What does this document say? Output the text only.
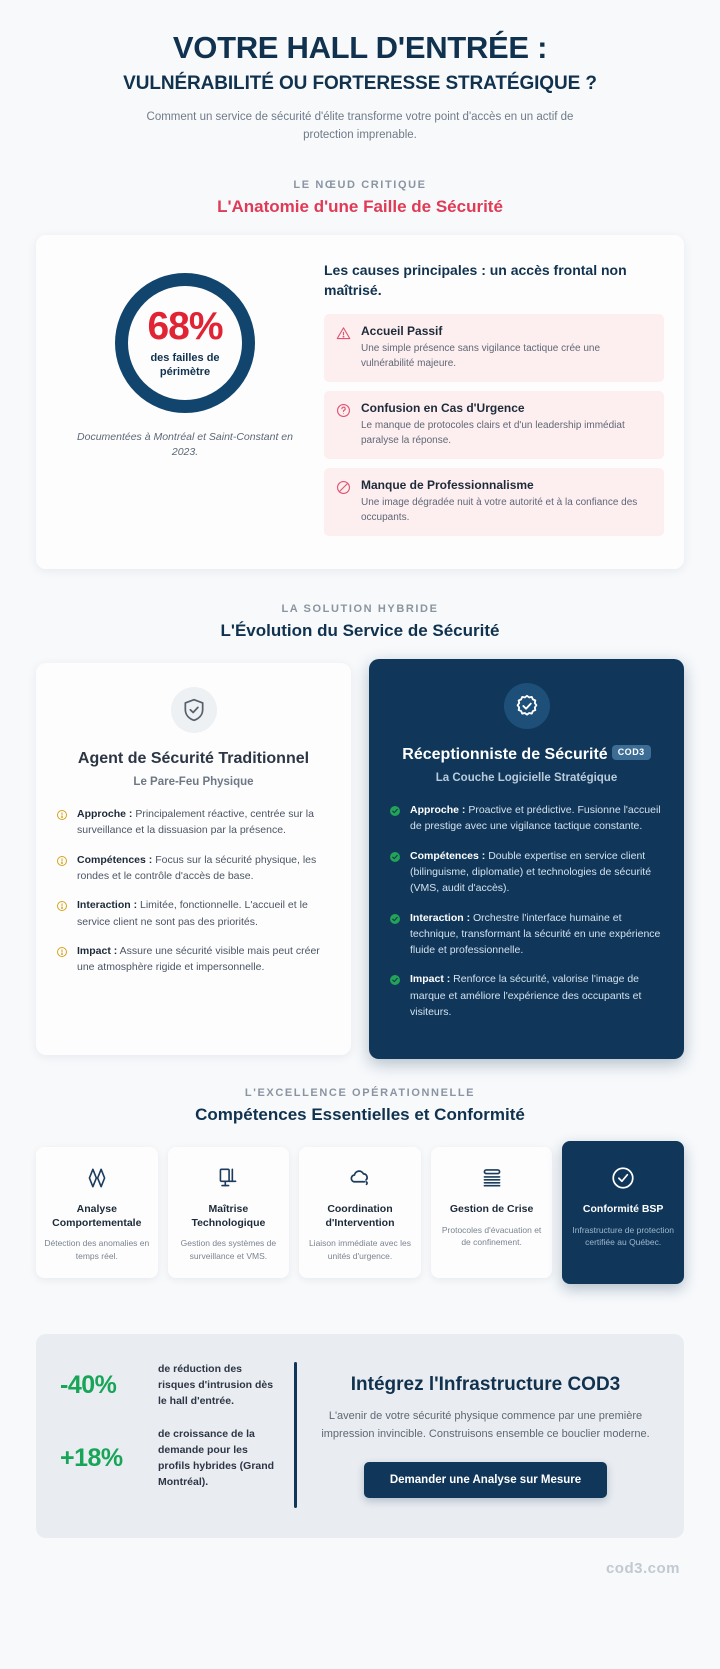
VOTRE HALL D'ENTRÉE :
VULNÉRABILITÉ OU FORTERESSE STRATÉGIQUE ?

Comment un service de sécurité d'élite transforme votre point d'accès en un actif de protection imprenable.

LE NŒUD CRITIQUE
L'Anatomie d'une Faille de Sécurité
68%
des failles de périmètre
Documentées à Montréal et Saint-Constant en 2023.
Les causes principales : un accès frontal non maîtrisé.
Accueil Passif
Une simple présence sans vigilance tactique crée une vulnérabilité majeure.
Confusion en Cas d'Urgence
Le manque de protocoles clairs et d'un leadership immédiat paralyse la réponse.
Manque de Professionnalisme
Une image dégradée nuit à votre autorité et à la confiance des occupants.
LA SOLUTION HYBRIDE
L'Évolution du Service de Sécurité
Agent de Sécurité Traditionnel
Le Pare-Feu Physique
Approche : Principalement réactive, centrée sur la surveillance et la dissuasion par la présence.
Compétences : Focus sur la sécurité physique, les rondes et le contrôle d'accès de base.
Interaction : Limitée, fonctionnelle. L'accueil et le service client ne sont pas des priorités.
Impact : Assure une sécurité visible mais peut créer une atmosphère rigide et impersonnelle.
Réceptionniste de Sécurité COD3
La Couche Logicielle Stratégique
Approche : Proactive et prédictive. Fusionne l'accueil de prestige avec une vigilance tactique constante.
Compétences : Double expertise en service client (bilinguisme, diplomatie) et technologies de sécurité (VMS, audit d'accès).
Interaction : Orchestre l'interface humaine et technique, transformant la sécurité en une expérience fluide et professionnelle.
Impact : Renforce la sécurité, valorise l'image de marque et améliore l'expérience des occupants et visiteurs.
L'EXCELLENCE OPÉRATIONNELLE
Compétences Essentielles et Conformité
Analyse Comportementale
Détection des anomalies en temps réel.
Maîtrise Technologique
Gestion des systèmes de surveillance et VMS.
Coordination d'Intervention
Liaison immédiate avec les unités d'urgence.
Gestion de Crise
Protocoles d'évacuation et de confinement.
Conformité BSP
Infrastructure de protection certifiée au Québec.
-40%
de réduction des risques d'intrusion dès le hall d'entrée.
+18%
de croissance de la demande pour les profils hybrides (Grand Montréal).
Intégrez l'Infrastructure COD3

L'avenir de votre sécurité physique commence par une première impression invincible. Construisons ensemble ce bouclier moderne.

Demander une Analyse sur Mesure
cod3.com
